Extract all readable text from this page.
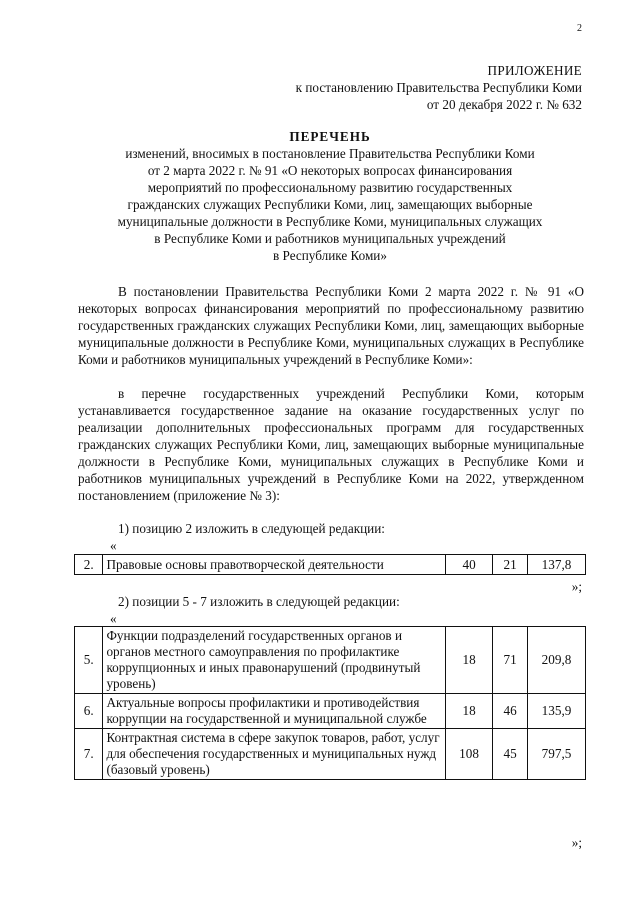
2
ПРИЛОЖЕНИЕ
к постановлению Правительства Республики Коми
от 20 декабря 2022 г. № 632
ПЕРЕЧЕНЬ
изменений, вносимых в постановление Правительства Республики Коми
от 2 марта 2022 г. № 91 «О некоторых вопросах финансирования
мероприятий по профессиональному развитию государственных
гражданских служащих Республики Коми, лиц, замещающих выборные
муниципальные должности в Республике Коми, муниципальных служащих
в Республике Коми и работников муниципальных учреждений
в Республике Коми»
В постановлении Правительства Республики Коми 2 марта 2022 г. № 91 «О некоторых вопросах финансирования мероприятий по профессиональному развитию государственных гражданских служащих Республики Коми, лиц, замещающих выборные муниципальные должности в Республике Коми, муниципальных служащих в Республике Коми и работников муниципальных учреждений в Республике Коми»:
в перечне государственных учреждений Республики Коми, которым устанавливается государственное задание на оказание государственных услуг по реализации дополнительных профессиональных программ для государственных гражданских служащих Республики Коми, лиц, замещающих выборные муниципальные должности в Республике Коми, муниципальных служащих в Республике Коми и работников муниципальных учреждений в Республике Коми на 2022, утвержденном постановлением (приложение № 3):
1) позицию 2 изложить в следующей редакции:
«
2.	Правовые основы правотворческой деятельности	40	21	137,8
»;
2) позиции 5 - 7 изложить в следующей редакции:
«
5.	Функции подразделений государственных органов и органов местного самоуправления по профилактике коррупционных и иных правонарушений (продвинутый уровень)	18	71	209,8
6.	Актуальные вопросы профилактики и противодействия коррупции на государственной и муниципальной службе	18	46	135,9
7.	Контрактная система в сфере закупок товаров, работ, услуг для обеспечения государственных и муниципальных нужд (базовый уровень)	108	45	797,5
»;
